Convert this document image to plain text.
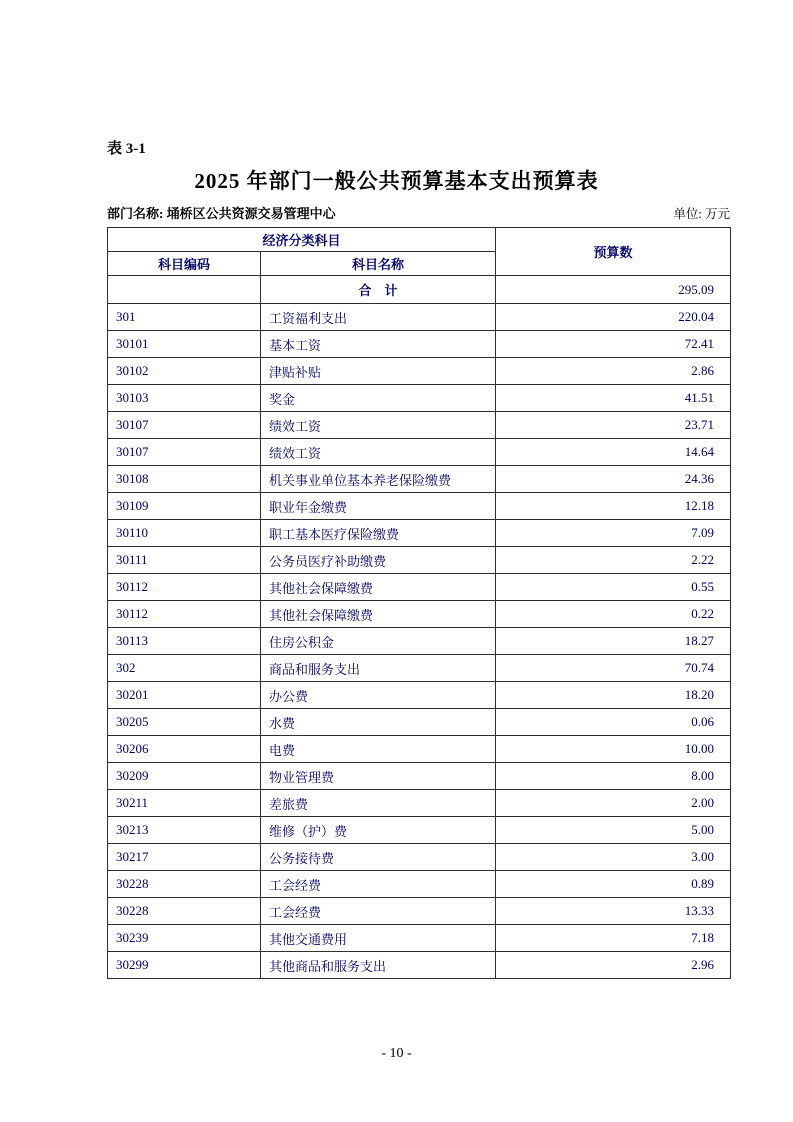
表 3-1
2025 年部门一般公共预算基本支出预算表
部门名称: 埇桥区公共资源交易管理中心	单位: 万元
经济分类科目		预算数
科目编码	科目名称	
	合　计	295.09
301	工资福利支出	220.04
30101	基本工资	72.41
30102	津贴补贴	2.86
30103	奖金	41.51
30107	绩效工资	23.71
30107	绩效工资	14.64
30108	机关事业单位基本养老保险缴费	24.36
30109	职业年金缴费	12.18
30110	职工基本医疗保险缴费	7.09
30111	公务员医疗补助缴费	2.22
30112	其他社会保障缴费	0.55
30112	其他社会保障缴费	0.22
30113	住房公积金	18.27
302	商品和服务支出	70.74
30201	办公费	18.20
30205	水费	0.06
30206	电费	10.00
30209	物业管理费	8.00
30211	差旅费	2.00
30213	维修（护）费	5.00
30217	公务接待费	3.00
30228	工会经费	0.89
30228	工会经费	13.33
30239	其他交通费用	7.18
30299	其他商品和服务支出	2.96
- 10 -
